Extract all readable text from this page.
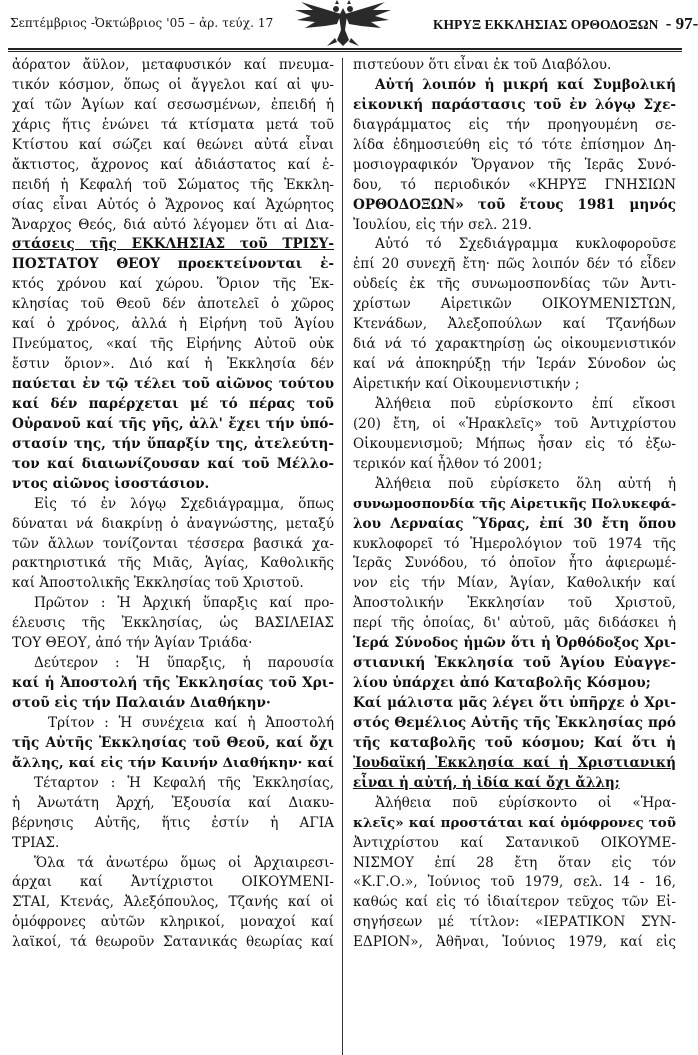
Σεπτέμβριος -Ὀκτώβριος '05 – ἀρ. τεύχ. 17	ΚΗΡΥΞ ΕΚΚΛΗΣΙΑΣ ΟΡΘΟΔΟΞΩΝ - 97-
ἀόρατον ἄϋλον, μεταφυσικόν καί πνευμα-
τικόν κόσμον, ὅπως οἱ ἄγγελοι καί αἱ ψυ-
χαί τῶν Ἁγίων καί σεσωσμένων, ἐπειδή ἡ
χάρις ἥτις ἑνώνει τά κτίσματα μετά τοῦ
Κτίστου καί σώζει καί θεώνει αὐτά εἶναι
ἄκτιστος, ἄχρονος καί ἀδιάστατος καί ἐ-
πειδή ἡ Κεφαλή τοῦ Σώματος τῆς Ἐκκλη-
σίας εἶναι Αὐτός ὁ Ἄχρονος καί Ἀχώρητος
Ἄναρχος Θεός, διά αὐτό λέγομεν ὅτι αἱ Δια-
στάσεις τῆς ΕΚΚΛΗΣΙΑΣ τοῦ ΤΡΙΣΥ-
ΠΟΣΤΑΤΟΥ ΘΕΟΥ προεκτείνονται ἐ-
κτός χρόνου καί χώρου. Ὅριον τῆς Ἐκ-
κλησίας τοῦ Θεοῦ δέν ἀποτελεῖ ὁ χῶρος
καί ὁ χρόνος, ἀλλά ἡ Εἰρήνη τοῦ Ἁγίου
Πνεύματος, «καί τῆς Εἰρήνης Αὐτοῦ οὐκ
ἔστιν ὅριον». Διό καί ἡ Ἐκκλησία δέν
παύεται ἐν τῷ τέλει τοῦ αἰῶνος τούτου
καί δέν παρέρχεται μέ τό πέρας τοῦ
Οὐρανοῦ καί τῆς γῆς, ἀλλ' ἔχει τήν ὑπό-
στασίν της, τήν ὕπαρξίν της, ἀτελεύτη-
τον καί διαιωνίζουσαν καί τοῦ Μέλλο-
ντος αἰῶνος ἰσοστάσιον.
Εἰς τό ἐν λόγῳ Σχεδιάγραμμα, ὅπως
δύναται νά διακρίνῃ ὁ ἀναγνώστης, μεταξύ
τῶν ἄλλων τονίζονται τέσσερα βασικά χα-
ρακτηριστικά τῆς Μιᾶς, Ἁγίας, Καθολικῆς
καί Ἀποστολικῆς Ἐκκλησίας τοῦ Χριστοῦ.
Πρῶτον : Ἡ Ἀρχική ὕπαρξις καί προ-
έλευσις τῆς Ἐκκλησίας, ὡς ΒΑΣΙΛΕΙΑΣ
ΤΟΥ ΘΕΟΥ, ἀπό τήν Ἁγίαν Τριάδα·
Δεύτερον : Ἡ ὕπαρξις, ἡ παρουσία
καί ἡ Ἀποστολή τῆς Ἐκκλησίας τοῦ Χρι-
στοῦ εἰς τήν Παλαιάν Διαθήκην·
Τρίτον : Ἡ συνέχεια καί ἡ Ἀποστολή
τῆς Αὐτῆς Ἐκκλησίας τοῦ Θεοῦ, καί ὄχι
ἄλλης, καί εἰς τήν Καινήν Διαθήκην· καί
Τέταρτον : Ἡ Κεφαλή τῆς Ἐκκλησίας,
ἡ Ἀνωτάτη Ἀρχή, Ἐξουσία καί Διακυ-
βέρνησις Αὐτῆς, ἥτις ἐστίν ἡ ΑΓΙΑ
ΤΡΙΑΣ.
Ὅλα τά ἀνωτέρω ὅμως οἱ Ἀρχιαιρεσι-
άρχαι καί Ἀντίχριστοι ΟΙΚΟΥΜΕΝΙ-
ΣΤΑΙ, Κτενάς, Ἀλεξόπουλος, Τζανής καί οἱ
ὁμόφρονες αὐτῶν κληρικοί, μοναχοί καί
λαϊκοί, τά θεωροῦν Σατανικάς θεωρίας καί
πιστεύουν ὅτι εἶναι ἐκ τοῦ Διαβόλου.
Αὐτή λοιπόν ἡ μικρή καί Συμβολική
εἰκονική παράστασις τοῦ ἐν λόγῳ Σχε-
διαγράμματος εἰς τήν προηγουμένη σε-
λίδα ἐδημοσιεύθη εἰς τό τότε ἐπίσημον Δη-
μοσιογραφικόν Ὄργανον τῆς Ἱερᾶς Συνό-
δου, τό περιοδικόν «ΚΗΡΥΞ ΓΝΗΣΙΩΝ
ΟΡΘΟΔΟΞΩΝ» τοῦ ἔτους 1981 μηνός
Ἰουλίου, εἰς τήν σελ. 219.
Αὐτό τό Σχεδιάγραμμα κυκλοφοροῦσε
ἐπί 20 συνεχῆ ἔτη· πῶς λοιπόν δέν τό εἶδεν
οὐδείς ἐκ τῆς συνωμοσπονδίας τῶν Ἀντι-
χρίστων Αἱρετικῶν ΟΙΚΟΥΜΕΝΙΣΤΩΝ,
Κτενάδων, Ἀλεξοπούλων καί Τζανήδων
διά νά τό χαρακτηρίσῃ ὡς οἰκουμενιστικόν
καί νά ἀποκηρύξῃ τήν Ἱεράν Σύνοδον ὡς
Αἱρετικήν καί Οἰκουμενιστικήν ;
Ἀλήθεια ποῦ εὑρίσκοντο ἐπί εἴκοσι
(20) ἔτη, οἱ «Ἡρακλεῖς» τοῦ Ἀντιχρίστου
Οἰκουμενισμοῦ; Μήπως ἦσαν εἰς τό ἐξω-
τερικόν καί ἦλθον τό 2001;
Ἀλήθεια ποῦ εὑρίσκετο ὅλη αὐτή ἡ
συνωμοσπονδία τῆς Αἱρετικῆς Πολυκεφά-
λου Λερναίας Ὕδρας, ἐπί 30 ἔτη ὅπου
κυκλοφορεῖ τό Ἡμερολόγιον τοῦ 1974 τῆς
Ἱερᾶς Συνόδου, τό ὁποῖον ἦτο ἀφιερωμέ-
νον εἰς τήν Μίαν, Ἁγίαν, Καθολικήν καί
Ἀποστολικήν Ἐκκλησίαν τοῦ Χριστοῦ,
περί τῆς ὁποίας, δι' αὐτοῦ, μᾶς διδάσκει ἡ
Ἱερά Σύνοδος ἡμῶν ὅτι ἡ Ὀρθόδοξος Χρι-
στιανική Ἐκκλησία τοῦ Ἁγίου Εὐαγγε-
λίου ὑπάρχει ἀπό Καταβολῆς Κόσμου;
Καί μάλιστα μᾶς λέγει ὅτι ὑπῆρχε ὁ Χρι-
στός Θεμέλιος Αὐτῆς τῆς Ἐκκλησίας πρό
τῆς καταβολῆς τοῦ κόσμου; Καί ὅτι ἡ
Ἰουδαϊκή Ἐκκλησία καί ἡ Χριστιανική
εἶναι ἡ αὐτή, ἡ ἰδία καί ὄχι ἄλλη;
Ἀλήθεια ποῦ εὑρίσκοντο οἱ «Ἡρα-
κλεῖς» καί προστάται καί ὁμόφρονες τοῦ
Ἀντιχρίστου καί Σατανικοῦ ΟΙΚΟΥΜΕ-
ΝΙΣΜΟΥ ἐπί 28 ἔτη ὅταν εἰς τόν
«Κ.Γ.Ο.», Ἰούνιος τοῦ 1979, σελ. 14 - 16,
καθώς καί εἰς τό ἰδιαίτερον τεῦχος τῶν Εἰ-
σηγήσεων μέ τίτλον: «ΙΕΡΑΤΙΚΟΝ ΣΥΝ-
ΕΔΡΙΟΝ», Ἀθῆναι, Ἰούνιος 1979, καί εἰς
